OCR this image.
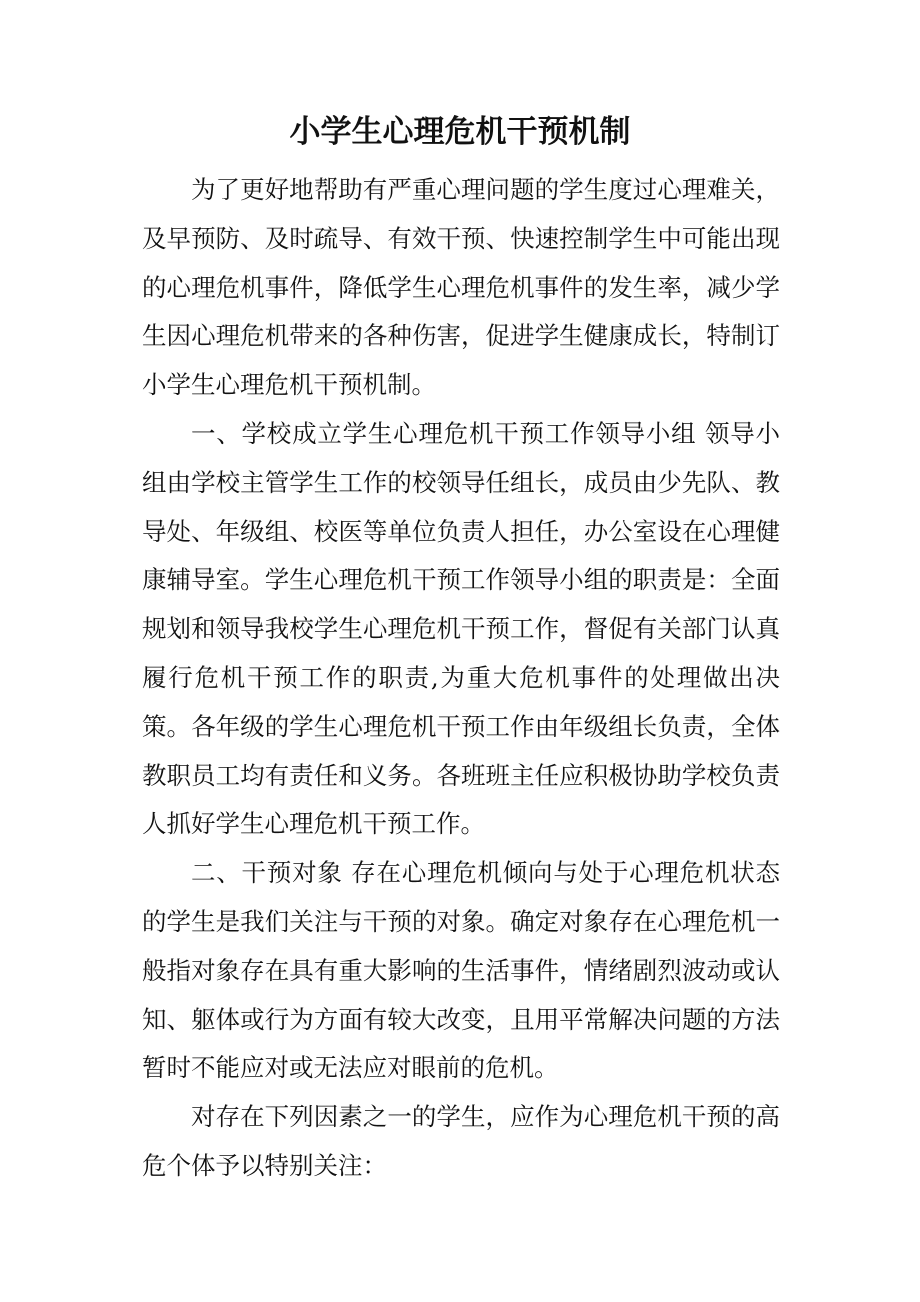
小学生心理危机干预机制

为了更好地帮助有严重心理问题的学生度过心理难关，及早预防、及时疏导、有效干预、快速控制学生中可能出现的心理危机事件，降低学生心理危机事件的发生率，减少学生因心理危机带来的各种伤害，促进学生健康成长，特制订小学生心理危机干预机制。

一、学校成立学生心理危机干预工作领导小组 领导小组由学校主管学生工作的校领导任组长，成员由少先队、教导处、年级组、校医等单位负责人担任，办公室设在心理健康辅导室。学生心理危机干预工作领导小组的职责是：全面规划和领导我校学生心理危机干预工作，督促有关部门认真履行危机干预工作的职责,为重大危机事件的处理做出决策。各年级的学生心理危机干预工作由年级组长负责，全体教职员工均有责任和义务。各班班主任应积极协助学校负责人抓好学生心理危机干预工作。

二、干预对象 存在心理危机倾向与处于心理危机状态的学生是我们关注与干预的对象。确定对象存在心理危机一般指对象存在具有重大影响的生活事件，情绪剧烈波动或认知、躯体或行为方面有较大改变，且用平常解决问题的方法暂时不能应对或无法应对眼前的危机。

对存在下列因素之一的学生，应作为心理危机干预的高危个体予以特别关注：
